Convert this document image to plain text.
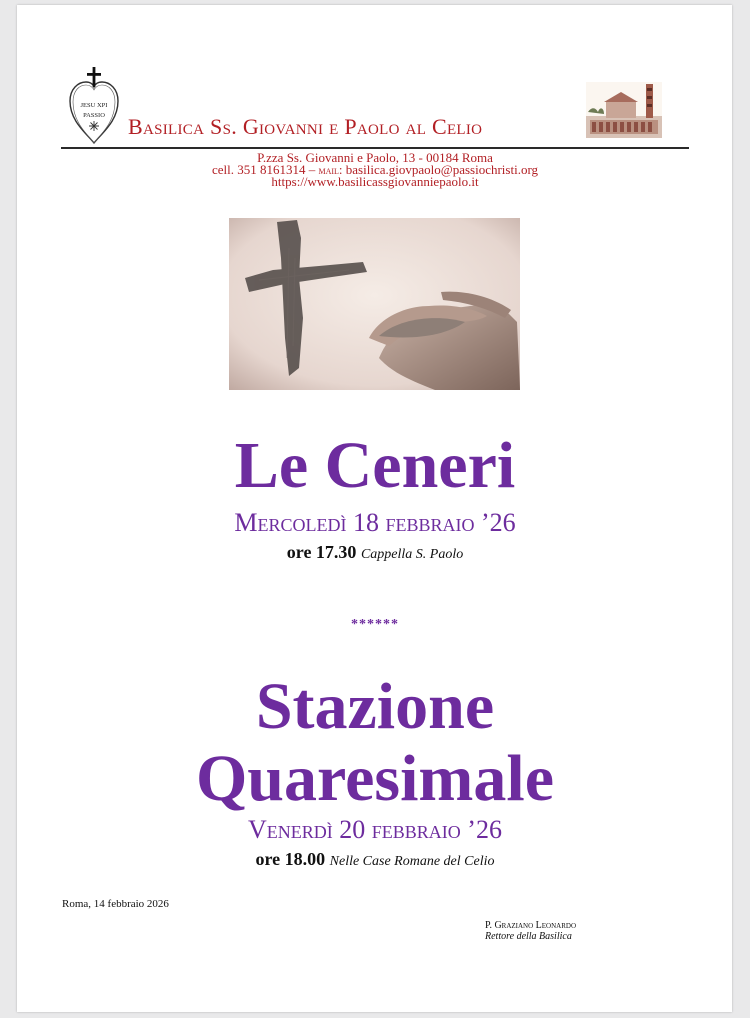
JESU XPI
PASSIO Basilica Ss. Giovanni e Paolo al Celio
P.zza Ss. Giovanni e Paolo, 13 - 00184 Roma
cell. 351 8161314 – mail: basilica.giovpaolo@passiochristi.org
https://www.basilicassgiovanniepaolo.it
Le Ceneri
Mercoledì 18 febbraio ’26
ore 17.30 Cappella S. Paolo
******
Stazione
Quaresimale
Venerdì 20 febbraio ’26
ore 18.00 Nelle Case Romane del Celio
Roma, 14 febbraio 2026
P. Graziano Leonardo
Rettore della Basilica
